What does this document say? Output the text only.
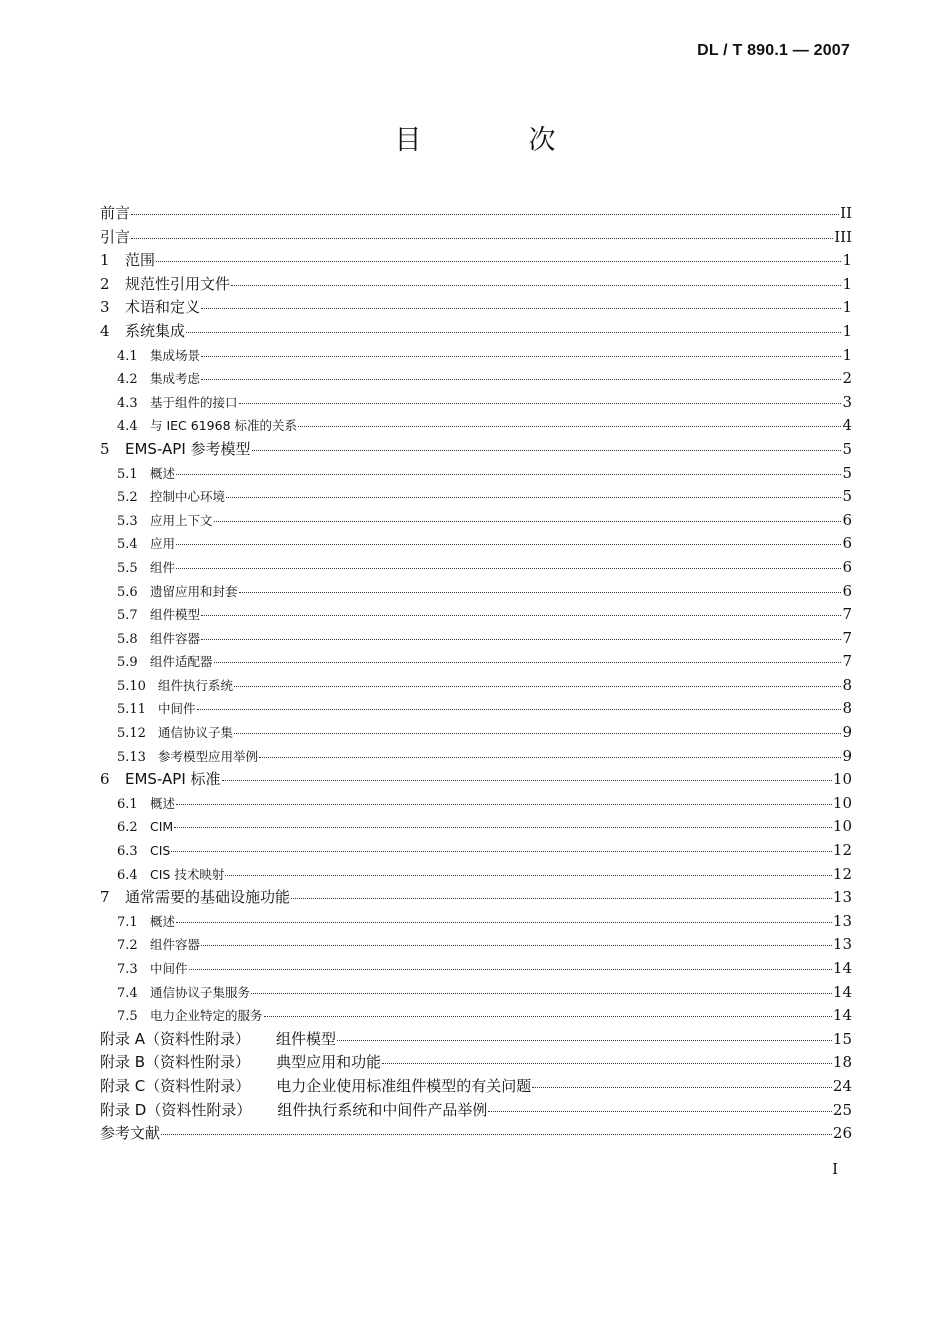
DL / T 890.1 — 2007
目　次
前言	II
引言	III
1	范围	1
2	规范性引用文件	1
3	术语和定义	1
4	系统集成	1
4.1 集成场景	1
4.2 集成考虑	2
4.3 基于组件的接口	3
4.4 与 IEC 61968 标准的关系	4
5	EMS-API 参考模型	5
5.1 概述	5
5.2 控制中心环境	5
5.3 应用上下文	6
5.4 应用	6
5.5 组件	6
5.6 遗留应用和封套	6
5.7 组件模型	7
5.8 组件容器	7
5.9 组件适配器	7
5.10 组件执行系统	8
5.11 中间件	8
5.12 通信协议子集	9
5.13 参考模型应用举例	9
6	EMS-API 标准	10
6.1 概述	10
6.2 CIM	10
6.3 CIS	12
6.4 CIS 技术映射	12
7	通常需要的基础设施功能	13
7.1 概述	13
7.2 组件容器	13
7.3 中间件	14
7.4 通信协议子集服务	14
7.5 电力企业特定的服务	14
附录 A（资料性附录） 组件模型	15
附录 B（资料性附录） 典型应用和功能	18
附录 C（资料性附录） 电力企业使用标准组件模型的有关问题	24
附录 D（资料性附录） 组件执行系统和中间件产品举例	25
参考文献	26
I
